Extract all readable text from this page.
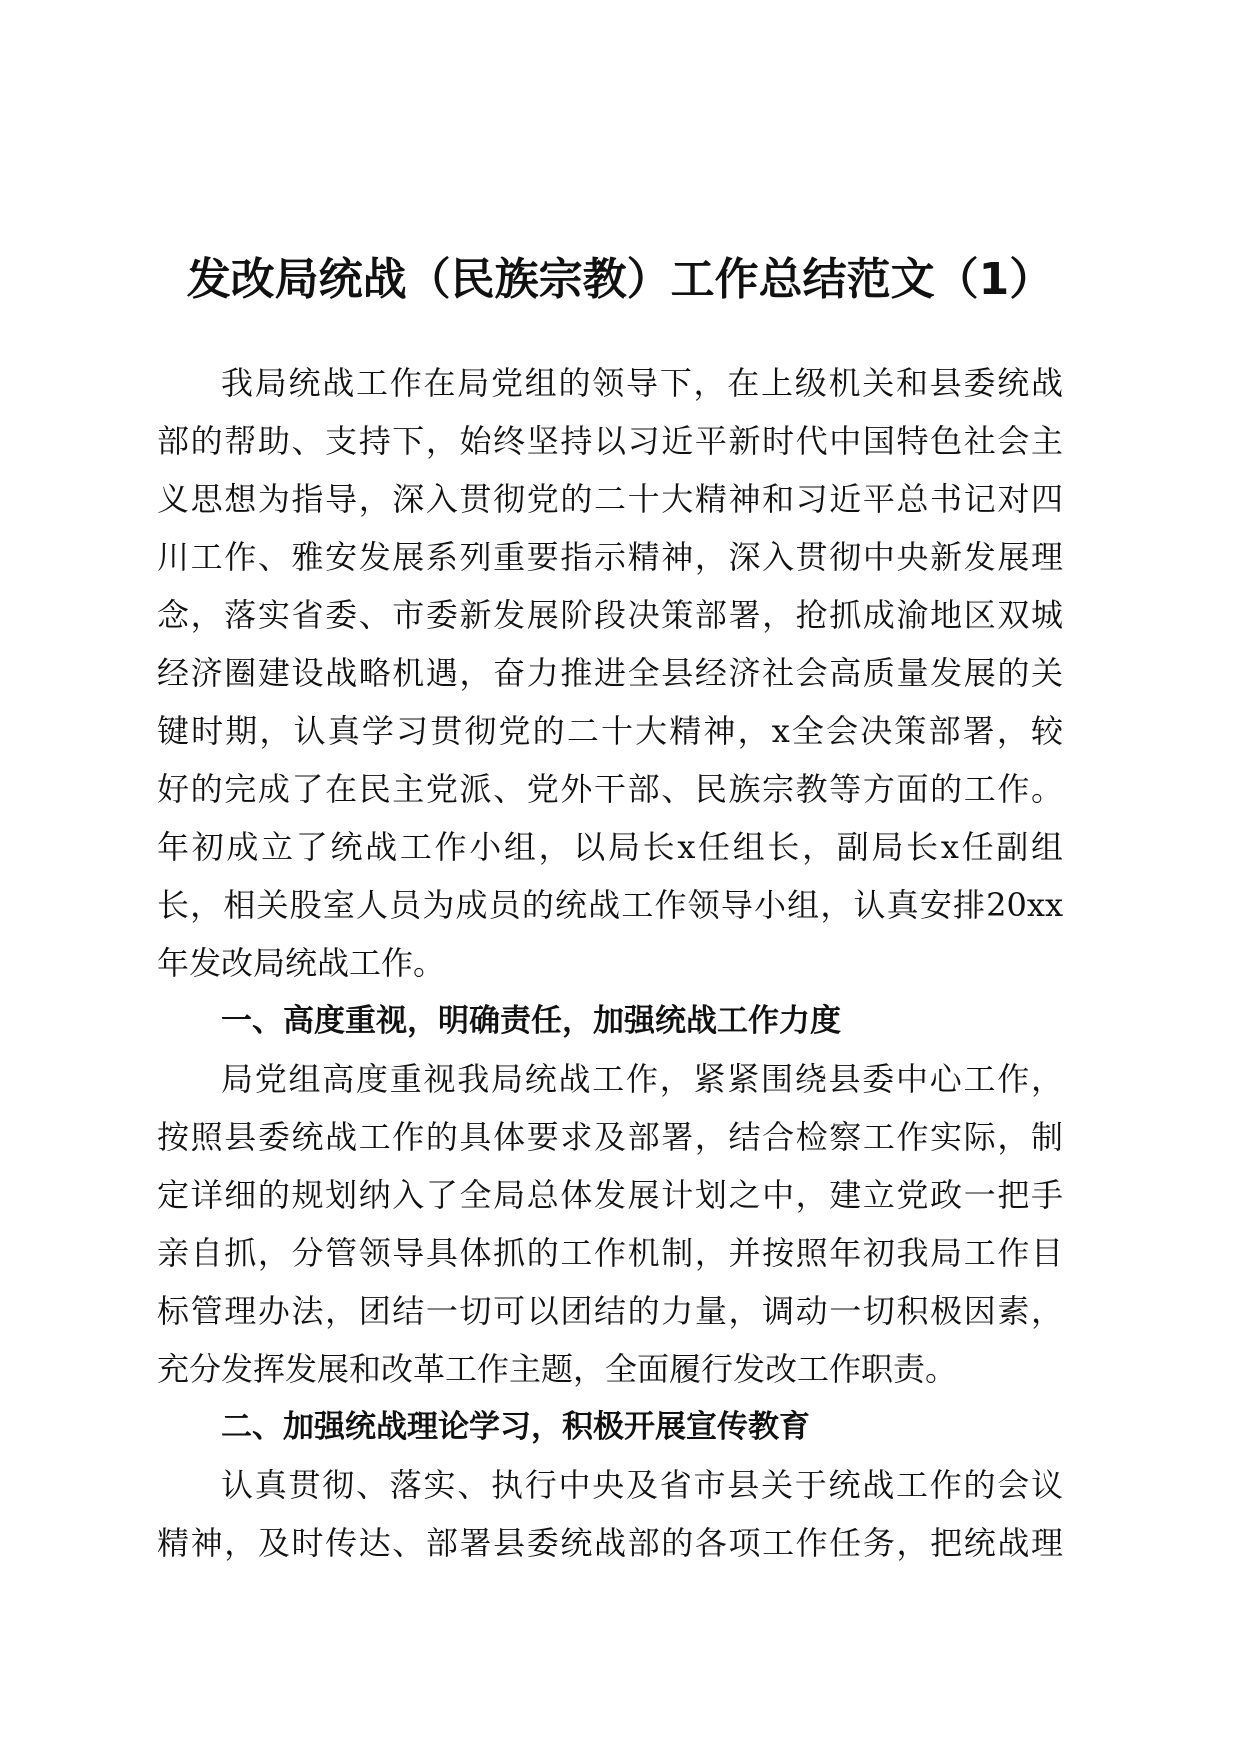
发改局统战（民族宗教）工作总结范文（1）
我局统战工作在局党组的领导下，在上级机关和县委统战
部的帮助、支持下，始终坚持以习近平新时代中国特色社会主
义思想为指导，深入贯彻党的二十大精神和习近平总书记对四
川工作、雅安发展系列重要指示精神，深入贯彻中央新发展理
念，落实省委、市委新发展阶段决策部署，抢抓成渝地区双城
经济圈建设战略机遇，奋力推进全县经济社会高质量发展的关
键时期，认真学习贯彻党的二十大精神，x全会决策部署，较
好的完成了在民主党派、党外干部、民族宗教等方面的工作。
年初成立了统战工作小组，以局长x任组长，副局长x任副组
长，相关股室人员为成员的统战工作领导小组，认真安排20xx
年发改局统战工作。
一、高度重视，明确责任，加强统战工作力度
局党组高度重视我局统战工作，紧紧围绕县委中心工作，
按照县委统战工作的具体要求及部署，结合检察工作实际，制
定详细的规划纳入了全局总体发展计划之中，建立党政一把手
亲自抓，分管领导具体抓的工作机制，并按照年初我局工作目
标管理办法，团结一切可以团结的力量，调动一切积极因素，
充分发挥发展和改革工作主题，全面履行发改工作职责。
二、加强统战理论学习，积极开展宣传教育
认真贯彻、落实、执行中央及省市县关于统战工作的会议
精神，及时传达、部署县委统战部的各项工作任务，把统战理
